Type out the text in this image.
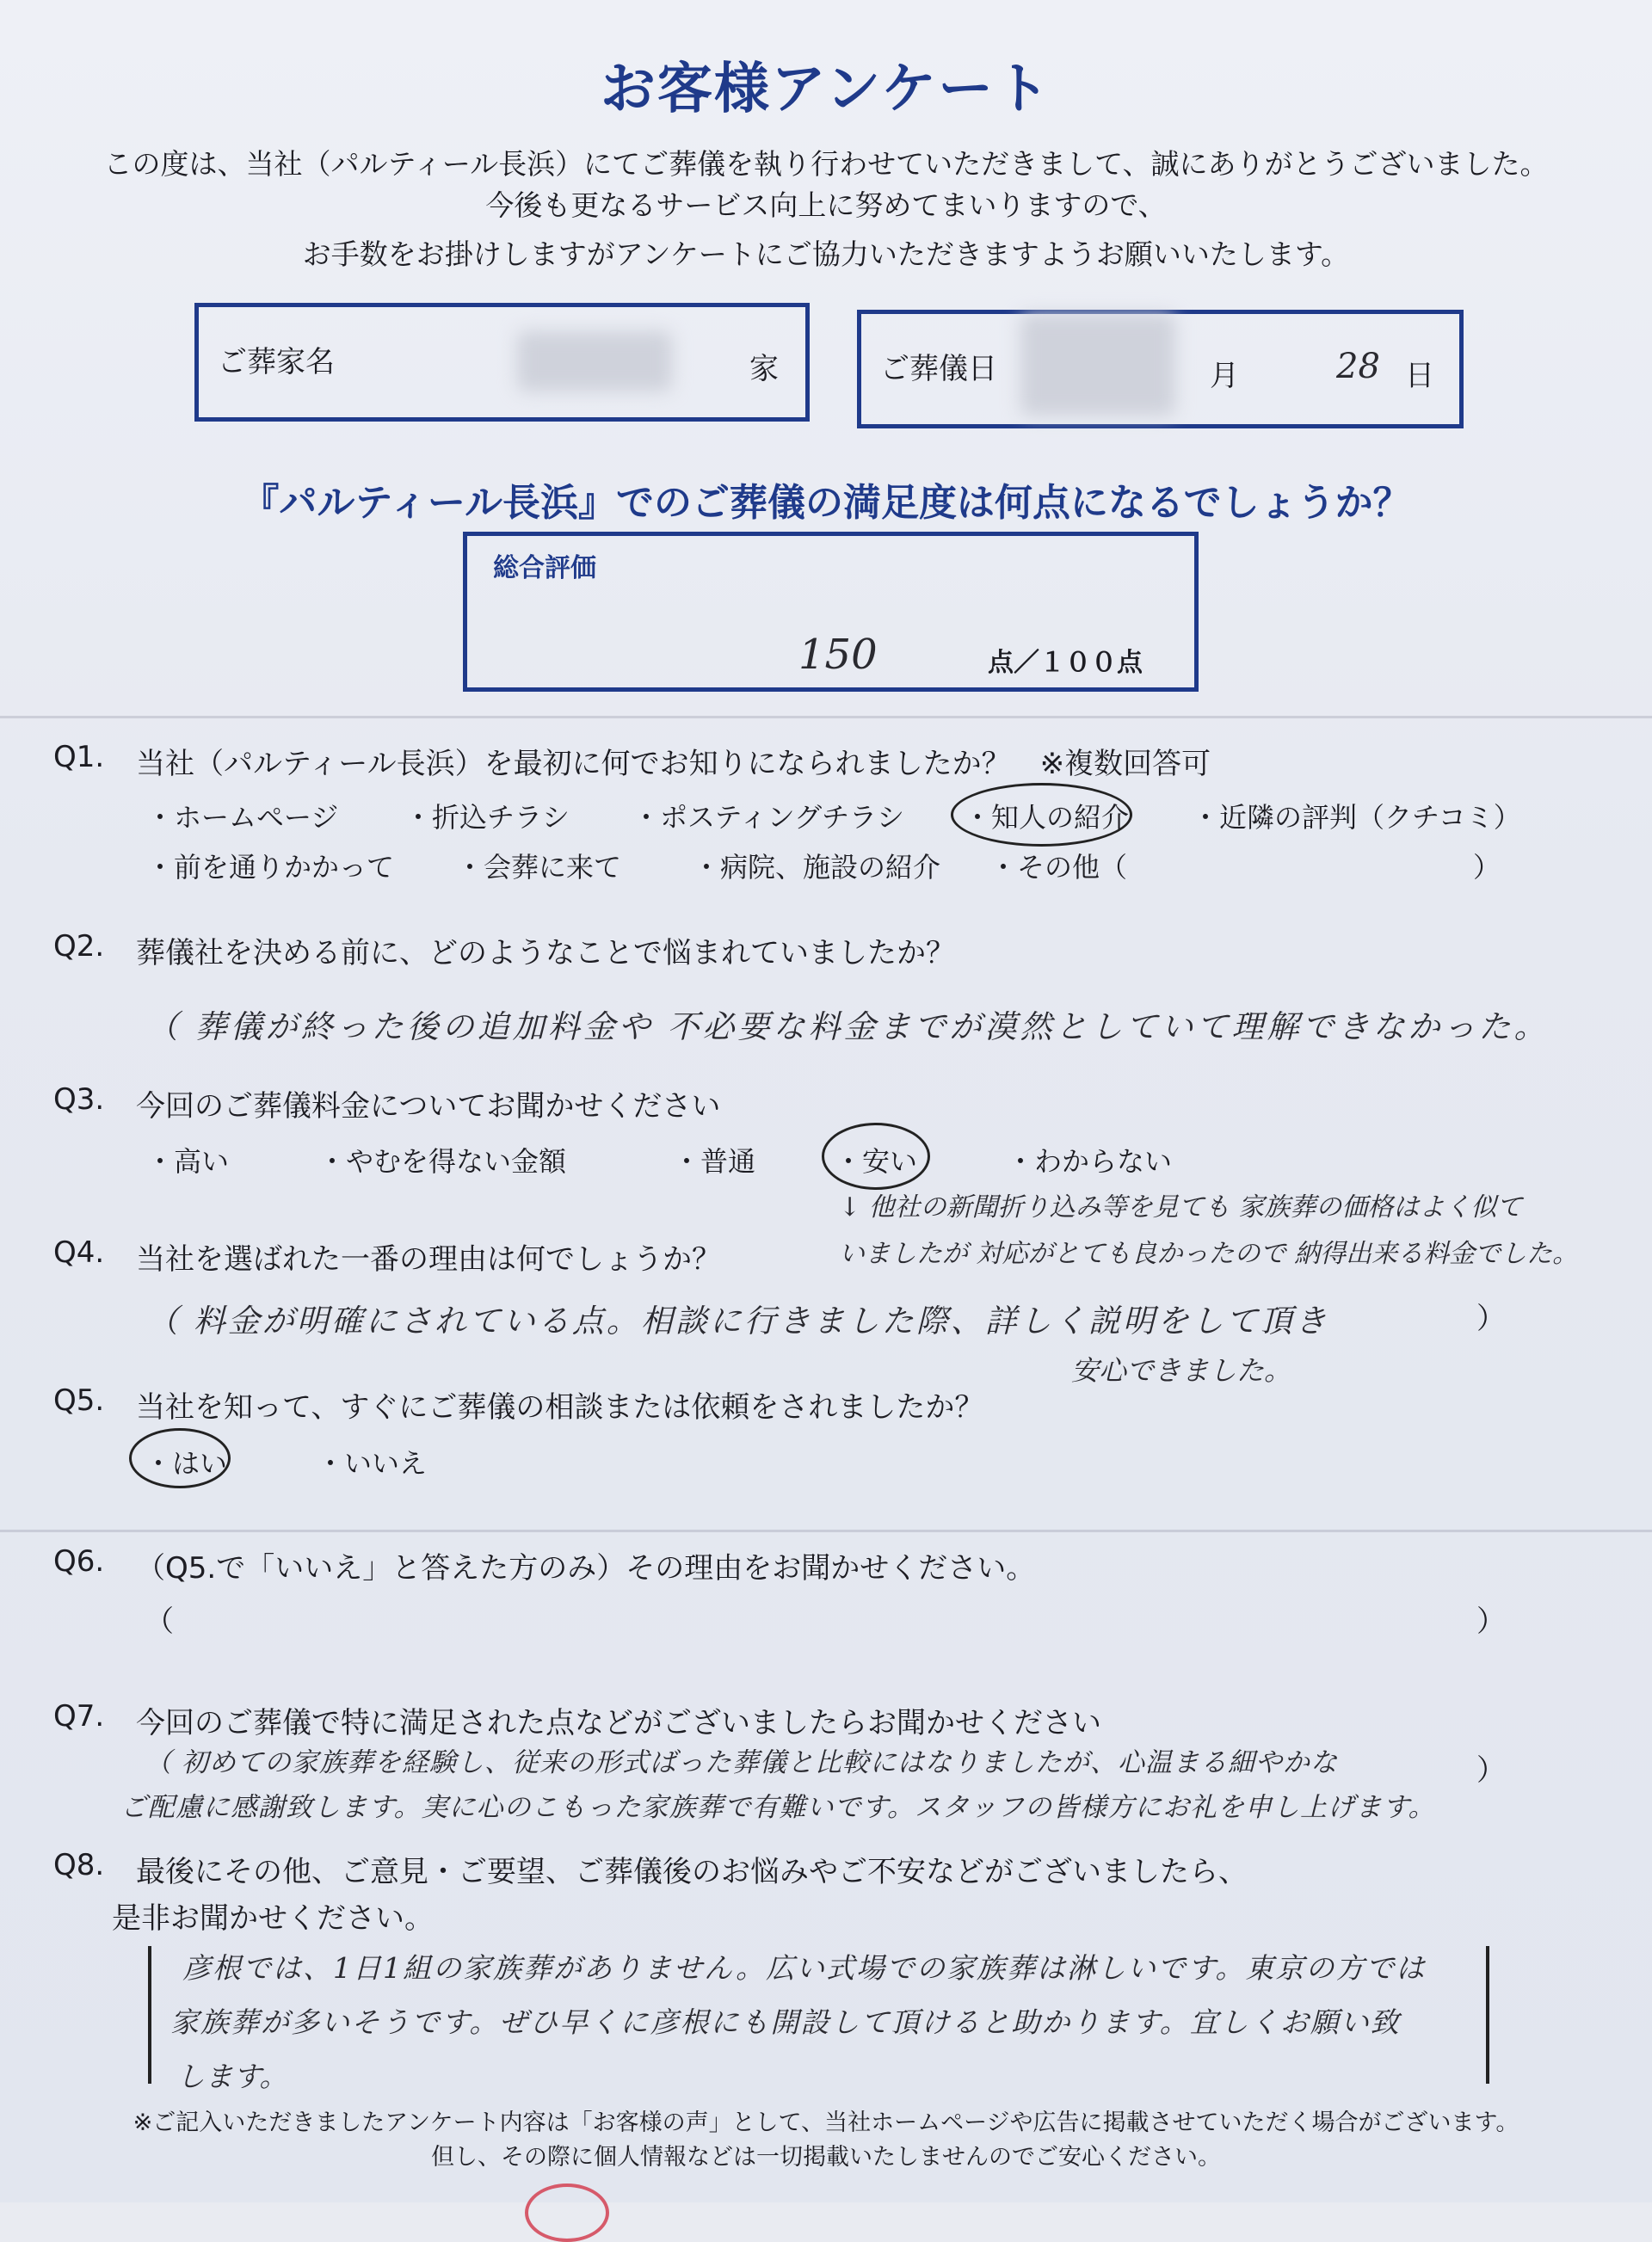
お客様アンケート
この度は、当社（パルティール長浜）にてご葬儀を執り行わせていただきまして、誠にありがとうございました。
今後も更なるサービス向上に努めてまいりますので、
お手数をお掛けしますがアンケートにご協力いただきますようお願いいたします。
ご葬家名	家	ご葬儀日	月	28 日
『パルティール長浜』でのご葬儀の満足度は何点になるでしょうか？
総合評価
150	点／１００点
Q1. 当社（パルティール長浜）を最初に何でお知りになられましたか？　※複数回答可
・ホームページ ・折込チラシ ・ポスティングチラシ ・知人の紹介 ・近隣の評判（クチコミ）
・前を通りかかって ・会葬に来て	・病院、施設の紹介 ・その他（	）
Q2. 葬儀社を決める前に、どのようなことで悩まれていましたか？
（ 葬儀が終った後の追加料金や 不必要な料金までが漠然としていて理解できなかった。
Q3. 今回のご葬儀料金についてお聞かせください
・高い	・やむを得ない金額	・普通	・安い	・わからない
↓ 他社の新聞折り込み等を見ても 家族葬の価格はよく似て
いましたが 対応がとても良かったので 納得出来る料金でした。
Q4. 当社を選ばれた一番の理由は何でしょうか？
（ 料金が明確にされている点。相談に行きました際、詳しく説明をして頂き	）
安心できました。
Q5. 当社を知って、すぐにご葬儀の相談または依頼をされましたか？
・はい	・いいえ
Q6. （Q5.で「いいえ」と答えた方のみ）その理由をお聞かせください。
（	）
Q7. 今回のご葬儀で特に満足された点などがございましたらお聞かせください
（ 初めての家族葬を経験し、従来の形式ばった葬儀と比較にはなりましたが、心温まる細やかな	）
ご配慮に感謝致します。実に心のこもった家族葬で有難いです。スタッフの皆様方にお礼を申し上げます。
Q8. 最後にその他、ご意見・ご要望、ご葬儀後のお悩みやご不安などがございましたら、
是非お聞かせください。
彦根では、1日1組の家族葬がありません。広い式場での家族葬は淋しいです。東京の方では
家族葬が多いそうです。ぜひ早くに彦根にも開設して頂けると助かります。宜しくお願い致
します。
※ご記入いただきましたアンケート内容は「お客様の声」として、当社ホームページや広告に掲載させていただく場合がございます。
但し、その際に個人情報などは一切掲載いたしませんのでご安心ください。
